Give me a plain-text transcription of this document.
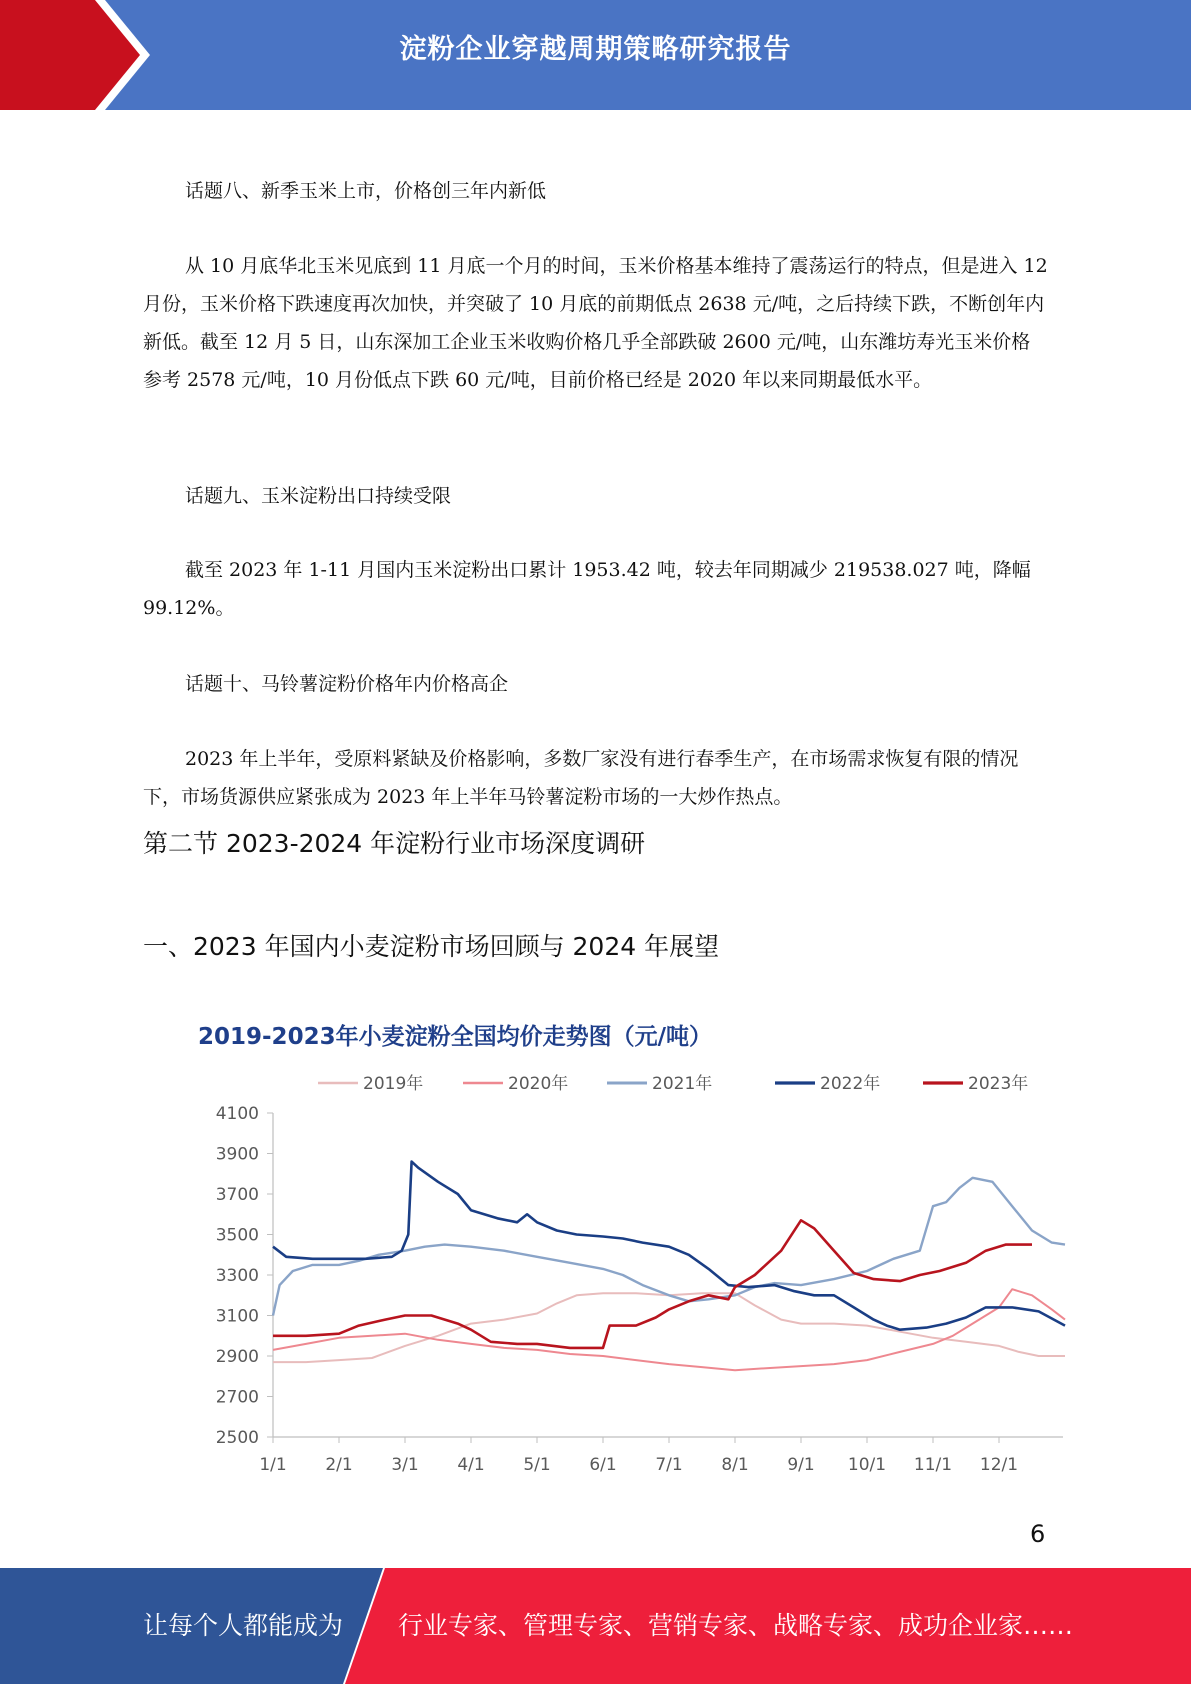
淀粉企业穿越周期策略研究报告

话题八、新季玉米上市，价格创三年内新低

从 10 月底华北玉米见底到 11 月底一个月的时间，玉米价格基本维持了震荡运行的特点，但是进入 12 月份，玉米价格下跌速度再次加快，并突破了 10 月底的前期低点 2638 元/吨，之后持续下跌，不断创年内新低。截至 12 月 5 日，山东深加工企业玉米收购价格几乎全部跌破 2600 元/吨，山东潍坊寿光玉米价格参考 2578 元/吨，10 月份低点下跌 60 元/吨，目前价格已经是 2020 年以来同期最低水平。

话题九、玉米淀粉出口持续受限

截至 2023 年 1-11 月国内玉米淀粉出口累计 1953.42 吨，较去年同期减少 219538.027 吨，降幅 99.12%。

话题十、马铃薯淀粉价格年内价格高企

2023 年上半年，受原料紧缺及价格影响，多数厂家没有进行春季生产，在市场需求恢复有限的情况下，市场货源供应紧张成为 2023 年上半年马铃薯淀粉市场的一大炒作热点。

第二节 2023-2024 年淀粉行业市场深度调研

一、2023 年国内小麦淀粉市场回顾与 2024 年展望

2019-2023年小麦淀粉全国均价走势图（元/吨）
2019年	2020年	2021年	2022年	2023年
2500
2700
2900
3100
3300
3500
3700
3900
4100
1/1 2/1 3/1 4/1 5/1 6/1 7/1 8/1 9/1 10/1 11/1 12/1
6
让每个人都能成为 行业专家、管理专家、营销专家、战略专家、成功企业家……
